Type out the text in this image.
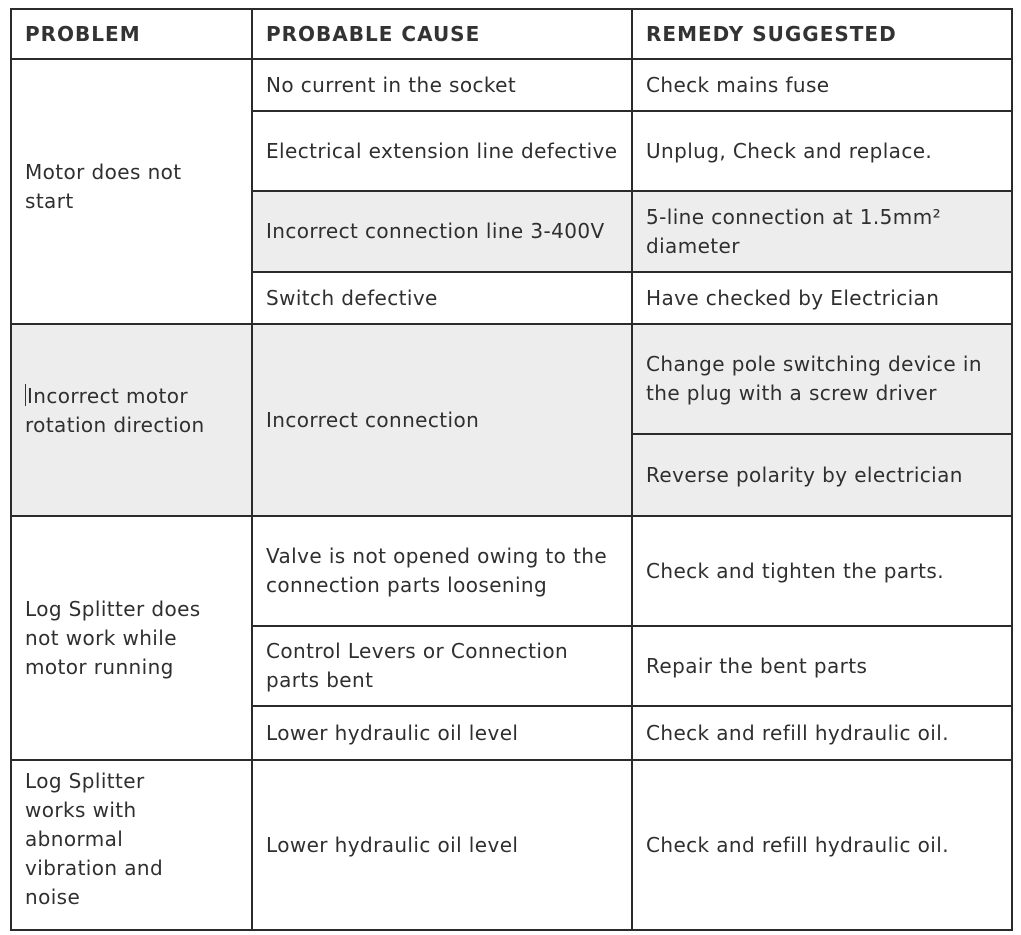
PROBLEM	PROBABLE CAUSE	REMEDY SUGGESTED

Motor does not start	No current in the socket	Check mains fuse
	Electrical extension line defective	Unplug, Check and replace.
	Incorrect connection line 3-400V	5-line connection at 1.5mm² diameter
	Switch defective	Have checked by Electrician

Incorrect motor rotation direction	Incorrect connection	Change pole switching device in the plug with a screw driver
		Reverse polarity by electrician

Log Splitter does not work while motor running	Valve is not opened owing to the connection parts loosening	Check and tighten the parts.
	Control Levers or Connection parts bent	Repair the bent parts
	Lower hydraulic oil level	Check and refill hydraulic oil.

Log Splitter works with abnormal vibration and noise	Lower hydraulic oil level	Check and refill hydraulic oil.
